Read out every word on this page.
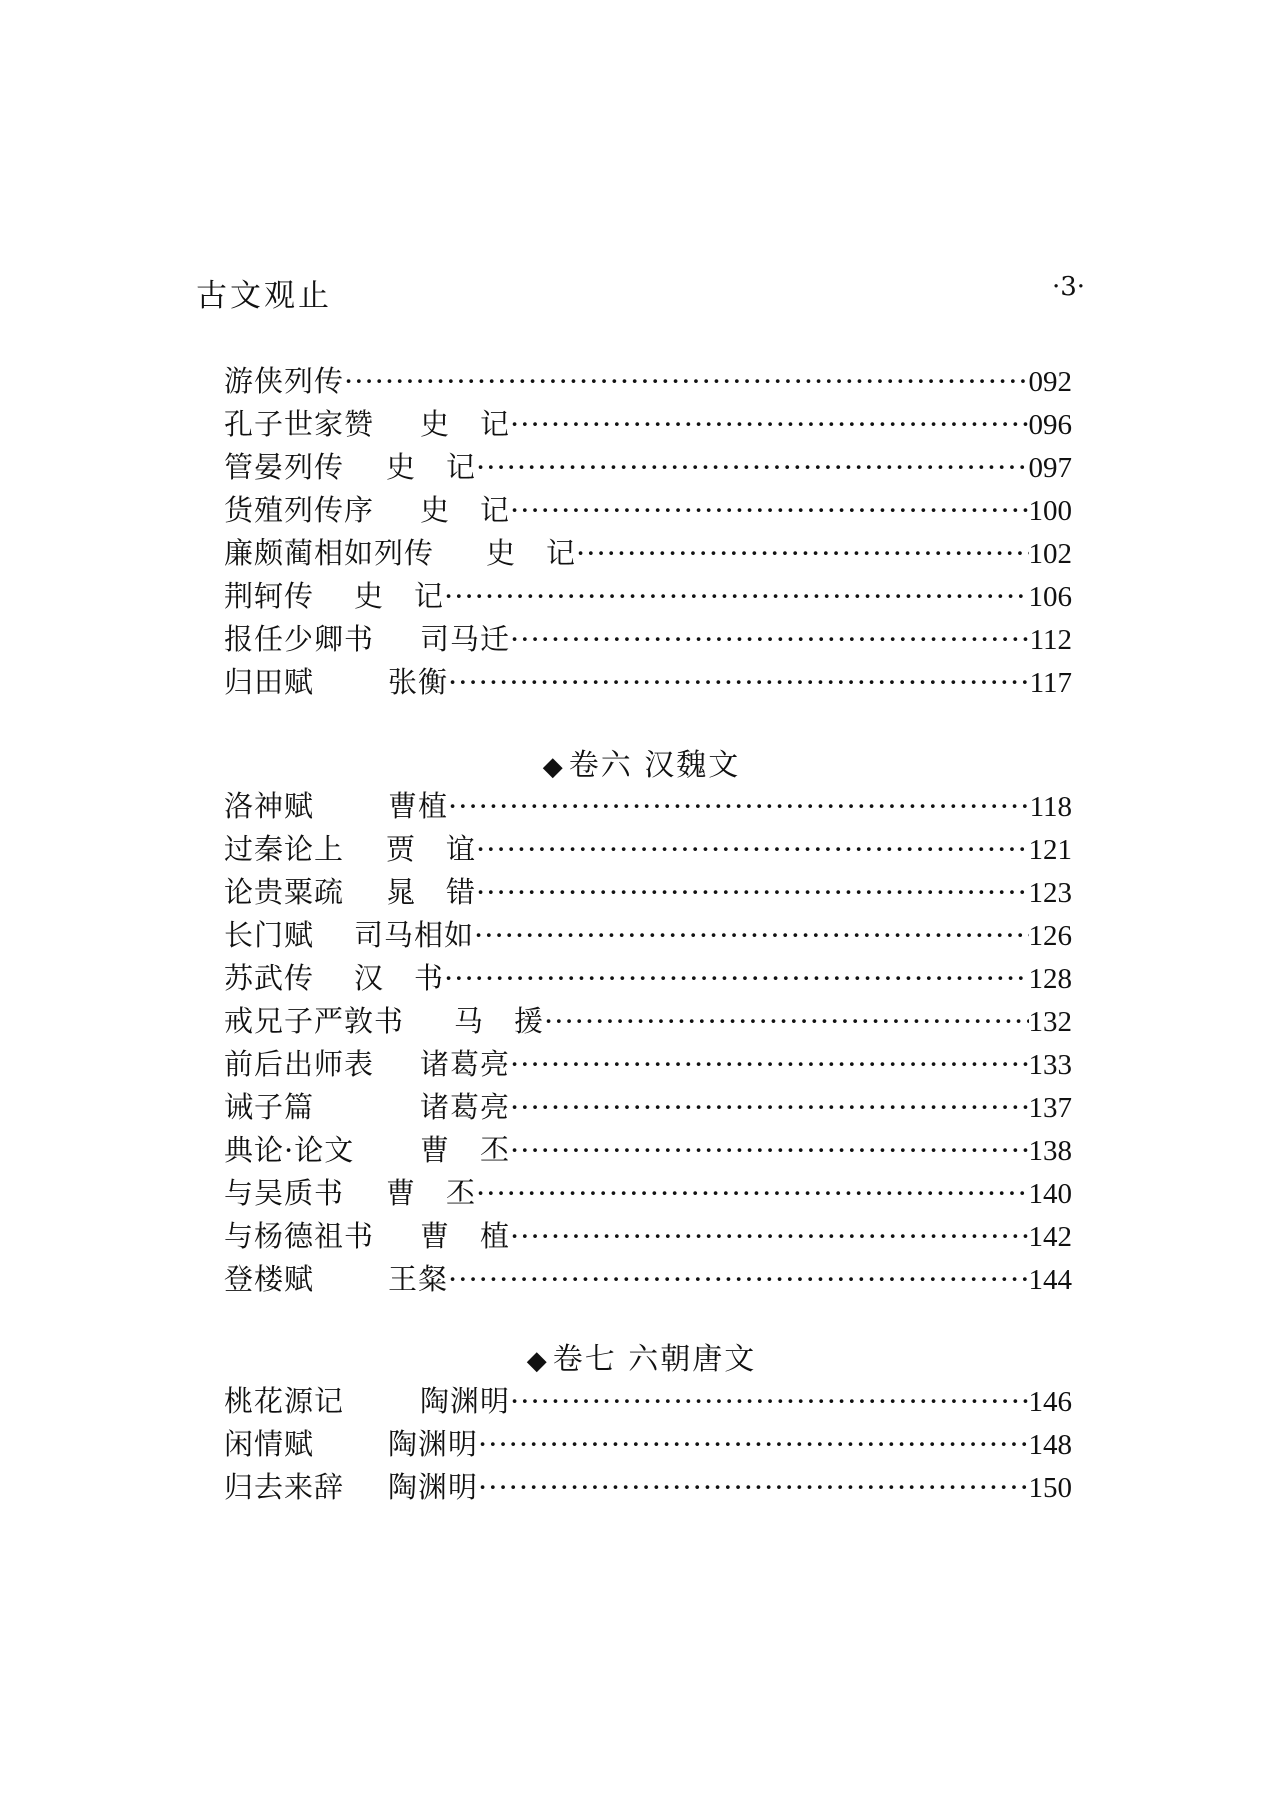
古文观止	·3·
游侠列传 ·····	092
孔子世家赞	史　记 ·····	096
管晏列传	史　记 ·····	097
货殖列传序	史　记 ·····	100
廉颇蔺相如列传	史　记 ·····	102
荆轲传	史　记 ·····	106
报任少卿书	司马迁 ·····	112
归田赋	张衡 ·····	117
◆ 卷六 汉魏文
洛神赋	曹植 ·····	118
过秦论上	贾　谊 ·····	121
论贵粟疏	晁　错 ·····	123
长门赋	司马相如 ·····	126
苏武传	汉　书 ·····	128
戒兄子严敦书	马　援 ·····	132
前后出师表	诸葛亮 ·····	133
诫子篇	诸葛亮 ·····	137
典论·论文	曹　丕 ·····	138
与吴质书	曹　丕 ·····	140
与杨德祖书	曹　植 ·····	142
登楼赋	王粲 ·····	144
◆ 卷七 六朝唐文
桃花源记	陶渊明 ·····	146
闲情赋	陶渊明 ·····	148
归去来辞	陶渊明 ·····	150
